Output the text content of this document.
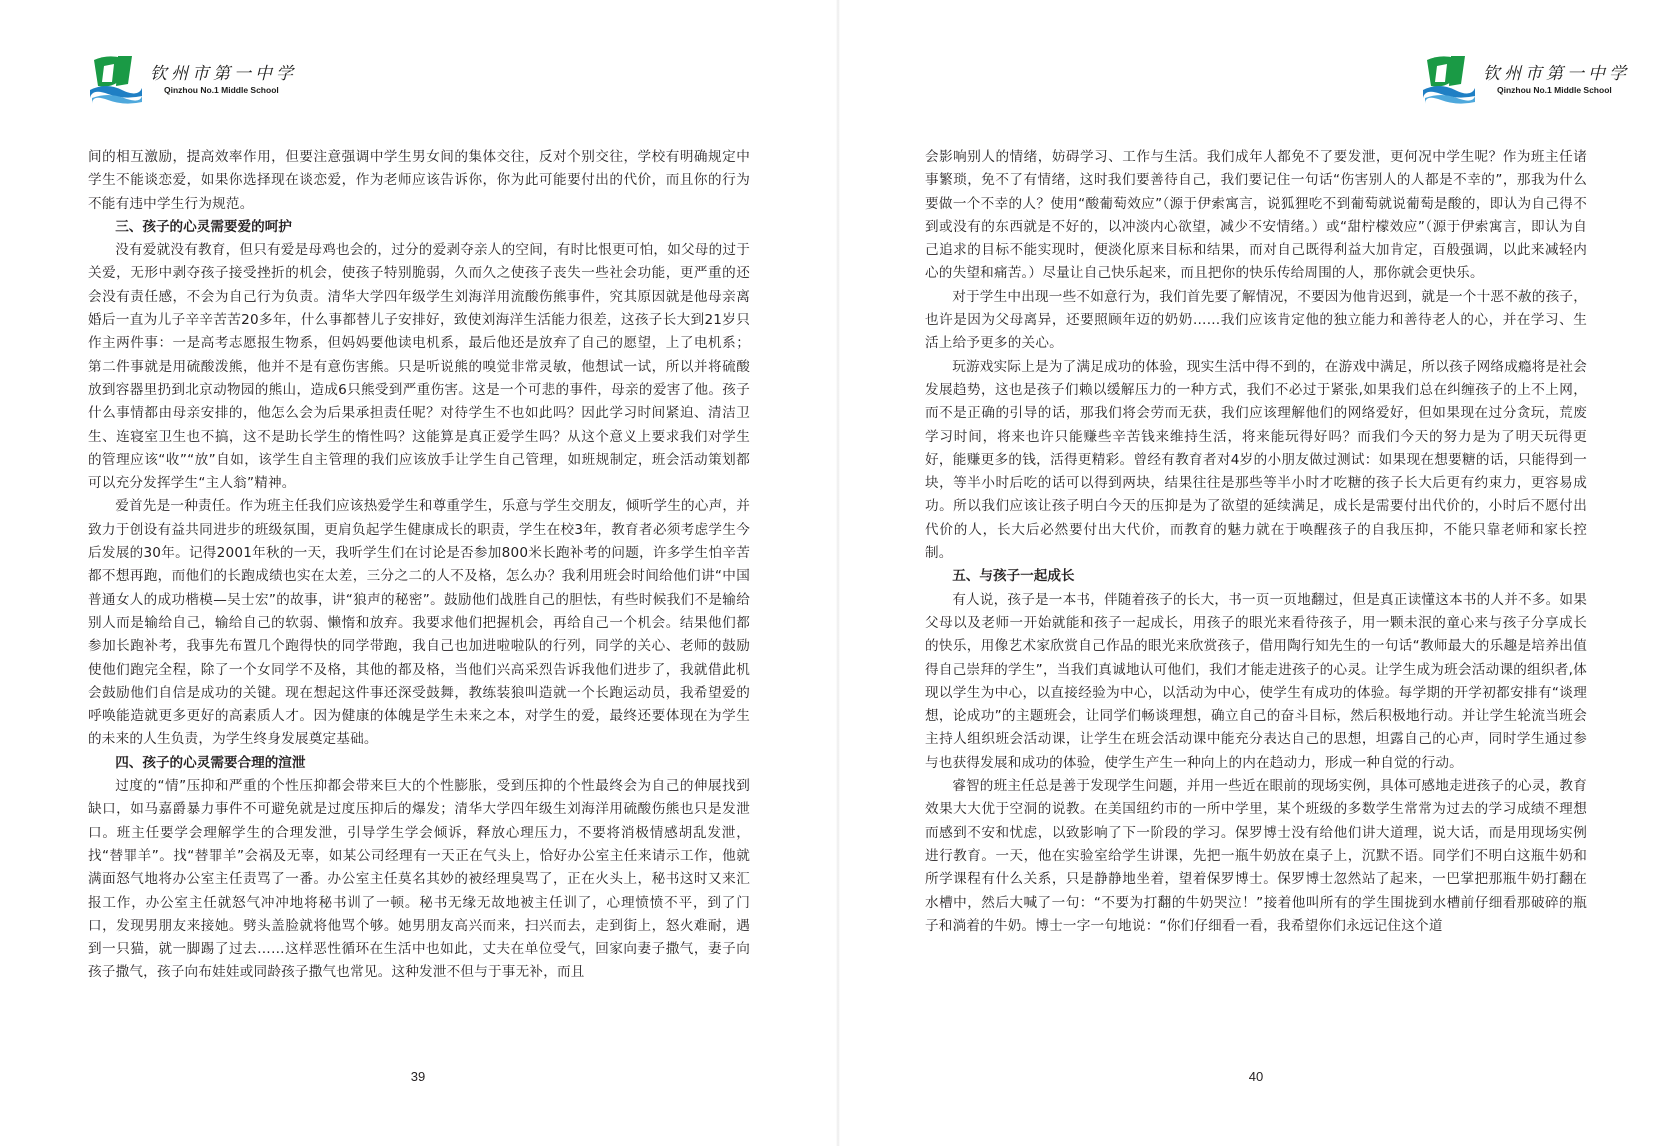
钦州市第一中学
Qinzhou No.1 Middle School

间的相互激励，提高效率作用，但要注意强调中学生男女间的集体交往，反对个别交往，学校有明确规定中学生不能谈恋爱，如果你选择现在谈恋爱，作为老师应该告诉你，你为此可能要付出的代价，而且你的行为不能有违中学生行为规范。

三、孩子的心灵需要爱的呵护

没有爱就没有教育，但只有爱是母鸡也会的，过分的爱剥夺亲人的空间，有时比恨更可怕，如父母的过于关爱，无形中剥夺孩子接受挫折的机会，使孩子特别脆弱，久而久之使孩子丧失一些社会功能，更严重的还会没有责任感，不会为自己行为负责。清华大学四年级学生刘海洋用流酸伤熊事件，究其原因就是他母亲离婚后一直为儿子辛辛苦苦20多年，什么事都替儿子安排好，致使刘海洋生活能力很差，这孩子长大到21岁只作主两件事：一是高考志愿报生物系，但妈妈要他读电机系，最后他还是放弃了自己的愿望，上了电机系；第二件事就是用硫酸泼熊，他并不是有意伤害熊。只是听说熊的嗅觉非常灵敏，他想试一试，所以并将硫酸放到容器里扔到北京动物园的熊山，造成6只熊受到严重伤害。这是一个可悲的事件，母亲的爱害了他。孩子什么事情都由母亲安排的，他怎么会为后果承担责任呢？对待学生不也如此吗？因此学习时间紧迫、清洁卫生、连寝室卫生也不搞，这不是助长学生的惰性吗？这能算是真正爱学生吗？从这个意义上要求我们对学生的管理应该“收”“放”自如，该学生自主管理的我们应该放手让学生自己管理，如班规制定，班会活动策划都可以充分发挥学生“主人翁”精神。

爱首先是一种责任。作为班主任我们应该热爱学生和尊重学生，乐意与学生交朋友，倾听学生的心声，并致力于创设有益共同进步的班级氛围，更肩负起学生健康成长的职责，学生在校3年，教育者必须考虑学生今后发展的30年。记得2001年秋的一天，我听学生们在讨论是否参加800米长跑补考的问题，许多学生怕辛苦都不想再跑，而他们的长跑成绩也实在太差，三分之二的人不及格，怎么办？我利用班会时间给他们讲“中国普通女人的成功楷模—吴士宏”的故事，讲“狼声的秘密”。鼓励他们战胜自己的胆怯，有些时候我们不是输给别人而是输给自己，输给自己的软弱、懒惰和放弃。我要求他们把握机会，再给自己一个机会。结果他们都参加长跑补考，我事先布置几个跑得快的同学带跑，我自己也加进啦啦队的行列，同学的关心、老师的鼓励使他们跑完全程，除了一个女同学不及格，其他的都及格，当他们兴高采烈告诉我他们进步了，我就借此机会鼓励他们自信是成功的关键。现在想起这件事还深受鼓舞，教练装狼叫造就一个长跑运动员，我希望爱的呼唤能造就更多更好的高素质人才。因为健康的体魄是学生未来之本，对学生的爱，最终还要体现在为学生的未来的人生负责，为学生终身发展奠定基础。

四、孩子的心灵需要合理的渲泄

过度的“情”压抑和严重的个性压抑都会带来巨大的个性膨胀，受到压抑的个性最终会为自己的伸展找到缺口，如马嘉爵暴力事件不可避免就是过度压抑后的爆发；清华大学四年级生刘海洋用硫酸伤熊也只是发泄口。班主任要学会理解学生的合理发泄，引导学生学会倾诉，释放心理压力，不要将消极情感胡乱发泄，找“替罪羊”。找“替罪羊”会祸及无辜，如某公司经理有一天正在气头上，恰好办公室主任来请示工作，他就满面怒气地将办公室主任责骂了一番。办公室主任莫名其妙的被经理臭骂了，正在火头上，秘书这时又来汇报工作，办公室主任就怒气冲冲地将秘书训了一顿。秘书无缘无故地被主任训了，心理愤愤不平，到了门口，发现男朋友来接她。劈头盖脸就将他骂个够。她男朋友高兴而来，扫兴而去，走到街上，怒火难耐，遇到一只猫，就一脚踢了过去……这样恶性循环在生活中也如此，丈夫在单位受气，回家向妻子撒气，妻子向孩子撒气，孩子向布娃娃或同龄孩子撒气也常见。这种发泄不但与于事无补，而且

39
钦州市第一中学
Qinzhou No.1 Middle School

会影响别人的情绪，妨碍学习、工作与生活。我们成年人都免不了要发泄，更何况中学生呢？作为班主任诸事繁琐，免不了有情绪，这时我们要善待自己，我们要记住一句话“伤害别人的人都是不幸的”，那我为什么要做一个不幸的人？使用“酸葡萄效应”（源于伊索寓言，说狐狸吃不到葡萄就说葡萄是酸的，即认为自己得不到或没有的东西就是不好的，以冲淡内心欲望，减少不安情绪。）或“甜柠檬效应”（源于伊索寓言，即认为自己追求的目标不能实现时，便淡化原来目标和结果，而对自己既得利益大加肯定，百般强调，以此来减轻内心的失望和痛苦。）尽量让自己快乐起来，而且把你的快乐传给周围的人，那你就会更快乐。

对于学生中出现一些不如意行为，我们首先要了解情况，不要因为他肯迟到，就是一个十恶不赦的孩子，也许是因为父母离异，还要照顾年迈的奶奶……我们应该肯定他的独立能力和善待老人的心，并在学习、生活上给予更多的关心。

玩游戏实际上是为了满足成功的体验，现实生活中得不到的，在游戏中满足，所以孩子网络成瘾将是社会发展趋势，这也是孩子们赖以缓解压力的一种方式，我们不必过于紧张,如果我们总在纠缠孩子的上不上网，而不是正确的引导的话，那我们将会劳而无获，我们应该理解他们的网络爱好，但如果现在过分贪玩，荒废学习时间，将来也许只能赚些辛苦钱来维持生活，将来能玩得好吗？而我们今天的努力是为了明天玩得更好，能赚更多的钱，活得更精彩。曾经有教育者对4岁的小朋友做过测试：如果现在想要糖的话，只能得到一块，等半小时后吃的话可以得到两块，结果往往是那些等半小时才吃糖的孩子长大后更有约束力，更容易成功。所以我们应该让孩子明白今天的压抑是为了欲望的延续满足，成长是需要付出代价的，小时后不愿付出代价的人，长大后必然要付出大代价，而教育的魅力就在于唤醒孩子的自我压抑，不能只靠老师和家长控制。

五、与孩子一起成长

有人说，孩子是一本书，伴随着孩子的长大，书一页一页地翻过，但是真正读懂这本书的人并不多。如果父母以及老师一开始就能和孩子一起成长，用孩子的眼光来看待孩子，用一颗未泯的童心来与孩子分享成长的快乐，用像艺术家欣赏自己作品的眼光来欣赏孩子，借用陶行知先生的一句话“教师最大的乐趣是培养出值得自己崇拜的学生”，当我们真诚地认可他们，我们才能走进孩子的心灵。让学生成为班会活动课的组织者,体现以学生为中心，以直接经验为中心，以活动为中心，使学生有成功的体验。每学期的开学初都安排有“谈理想，论成功”的主题班会，让同学们畅谈理想，确立自己的奋斗目标，然后积极地行动。并让学生轮流当班会主持人组织班会活动课，让学生在班会活动课中能充分表达自己的思想，坦露自己的心声，同时学生通过参与也获得发展和成功的体验，使学生产生一种向上的内在趋动力，形成一种自觉的行动。

睿智的班主任总是善于发现学生问题，并用一些近在眼前的现场实例，具体可感地走进孩子的心灵，教育效果大大优于空洞的说教。在美国纽约市的一所中学里，某个班级的多数学生常常为过去的学习成绩不理想而感到不安和忧虑，以致影响了下一阶段的学习。保罗博士没有给他们讲大道理，说大话，而是用现场实例进行教育。一天，他在实验室给学生讲课，先把一瓶牛奶放在桌子上，沉默不语。同学们不明白这瓶牛奶和所学课程有什么关系，只是静静地坐着，望着保罗博士。保罗博士忽然站了起来，一巴掌把那瓶牛奶打翻在水槽中，然后大喊了一句：“不要为打翻的牛奶哭泣！”接着他叫所有的学生围拢到水槽前仔细看那破碎的瓶子和淌着的牛奶。博士一字一句地说：“你们仔细看一看，我希望你们永远记住这个道

40
